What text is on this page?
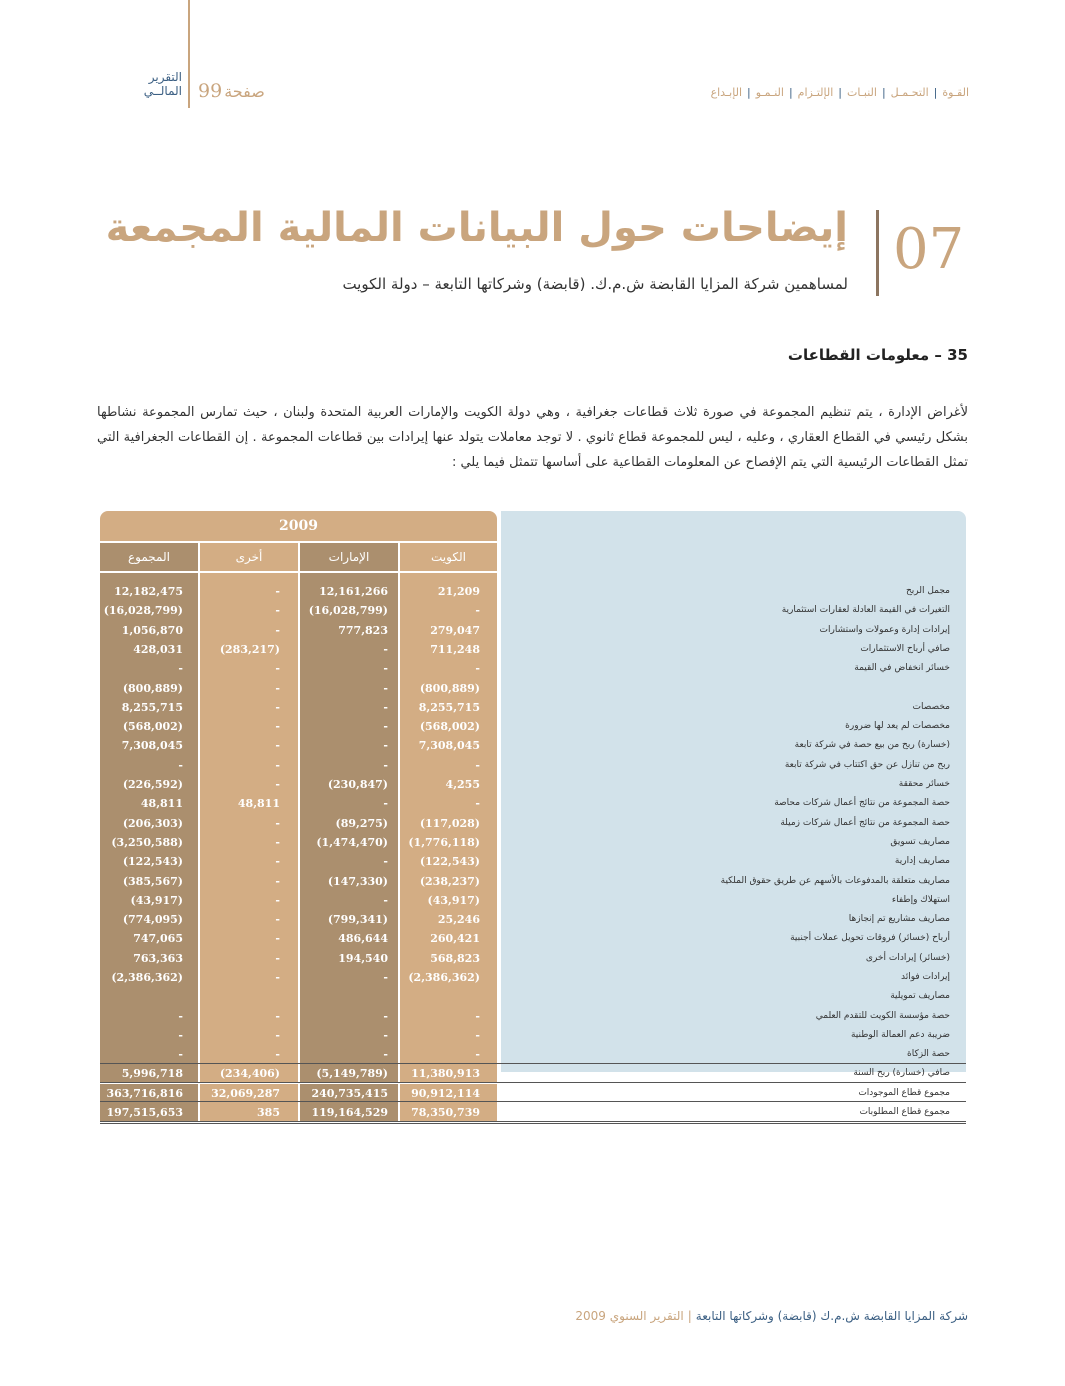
التقرير
المالــي 99 صفحة	القـوة|التحـمـل|النبـات|الإلتـزام|النـمـو|الإبـداع
07
إيضاحات حول البيانات المالية المجمعة
لمساهمين شركة المزايا القابضة ش.م.ك. (قابضة) وشركاتها التابعة – دولة الكويت
35 – معلومات القطاعات
لأغراض الإدارة ، يتم تنظيم المجموعة في صورة ثلاث قطاعات جغرافية ، وهي دولة الكويت والإمارات العربية المتحدة ولبنان ، حيث تمارس المجموعة نشاطها بشكل رئيسي في القطاع العقاري ، وعليه ، ليس للمجموعة قطاع ثانوي . لا توجد معاملات يتولد عنها إيرادات بين قطاعات المجموعة . إن القطاعات الجغرافية التي تمثل القطاعات الرئيسية التي يتم الإفصاح عن المعلومات القطاعية على أساسها تتمثل فيما يلي :
2009
الكويت
الإمارات
أخرى
المجموع
مجمل الربح
21,209
12,161,266
-
12,182,475
التغيرات في القيمة العادلة لعقارات استثمارية
-
(16,028,799)
-
(16,028,799)
إيرادات إدارة وعمولات واستشارات
279,047
777,823
-
1,056,870
صافي أرباح الاستثمارات
711,248
-
(283,217)
428,031
خسائر انخفاض في القيمة
-
-
-
-
(800,889)
-
-
(800,889)
مخصصات
8,255,715
-
-
8,255,715
مخصصات لم يعد لها ضرورة
(568,002)
-
-
(568,002)
(خسارة) ربح من بيع حصة في شركة تابعة
7,308,045
-
-
7,308,045
ربح من تنازل عن حق اكتتاب في شركة تابعة
-
-
-
-
خسائر محققة
4,255
(230,847)
-
(226,592)
حصة المجموعة من نتائج أعمال شركات محاصة
-
-
48,811
48,811
حصة المجموعة من نتائج أعمال شركات زميلة
(117,028)
(89,275)
-
(206,303)
مصاريف تسويق
(1,776,118)
(1,474,470)
-
(3,250,588)
مصاريف إدارية
(122,543)
-
-
(122,543)
مصاريف متعلقة بالمدفوعات بالأسهم عن طريق حقوق الملكية
(238,237)
(147,330)
-
(385,567)
استهلاك وإطفاء
(43,917)
-
-
(43,917)
مصاريف مشاريع تم إنجازها
25,246
(799,341)
-
(774,095)
أرباح (خسائر) فروقات تحويل عملات أجنبية
260,421
486,644
-
747,065
(خسائر) إيرادات أخرى
568,823
194,540
-
763,363
إيرادات فوائد
(2,386,362)
-
-
(2,386,362)
مصاريف تمويلية
حصة مؤسسة الكويت للتقدم العلمي
-
-
-
-
ضريبة دعم العمالة الوطنية
-
-
-
-
حصة الزكاة
-
-
-
-
صافي (خسارة) ربح السنة
11,380,913
(5,149,789)
(234,406)
5,996,718
مجموع قطاع الموجودات
90,912,114
240,735,415
32,069,287
363,716,816
مجموع قطاع المطلوبات
78,350,739
119,164,529
385
197,515,653
شركة المزايا القابضة ش.م.ك (قابضة) وشركاتها التابعة|التقرير السنوي 2009
